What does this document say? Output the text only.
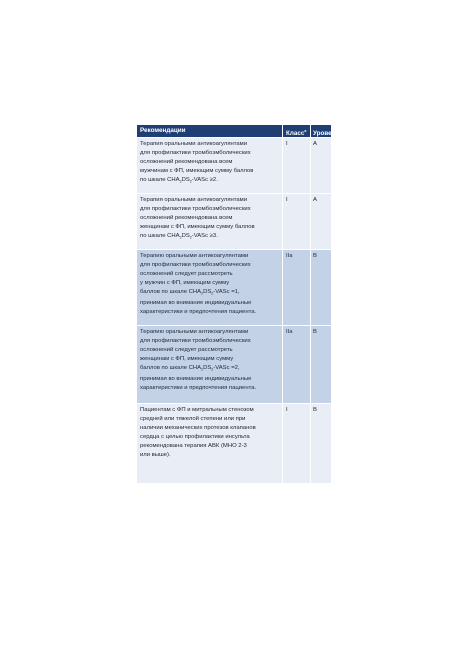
Рекомендации	Класс$^a$	Уровень$^b$
Терапия оральными антикоагулянтами
для профилактики тромбоэмболических
осложнений рекомендована всем
мужчинам с ФП, имеющим сумму баллов
по шкале $CHA_2DS_2$-VASc ≥2.
I	A
Терапия оральными антикоагулянтами
для профилактики тромбоэмболических
осложнений рекомендована всем
женщинам с ФП, имеющим сумму баллов
по шкале $CHA_2DS_2$-VASc ≥3.
I	A
Терапию оральными антикоагулянтами
для профилактики тромбоэмболических
осложнений следует рассмотреть
у мужчин с ФП, имеющим сумму
баллов по шкале $CHA_2DS_2$-VASc =1,
принимая во внимание индивидуальные
характеристики и предпочтения пациента.
IIa	B
Терапию оральными антикоагулянтами
для профилактики тромбоэмболических
осложнений следует рассмотреть
женщинам с ФП, имеющим сумму
баллов по шкале $CHA_2DS_2$-VASc =2,
принимая во внимание индивидуальные
характеристики и предпочтения пациента.
IIa	B
Пациентам с ФП и митральным стенозом
средней или тяжелой степени или при
наличии механических протезов клапанов
сердца с целью профилактики инсульта
рекомендована терапия АВК (МНО 2-3
или выше).
I	B
